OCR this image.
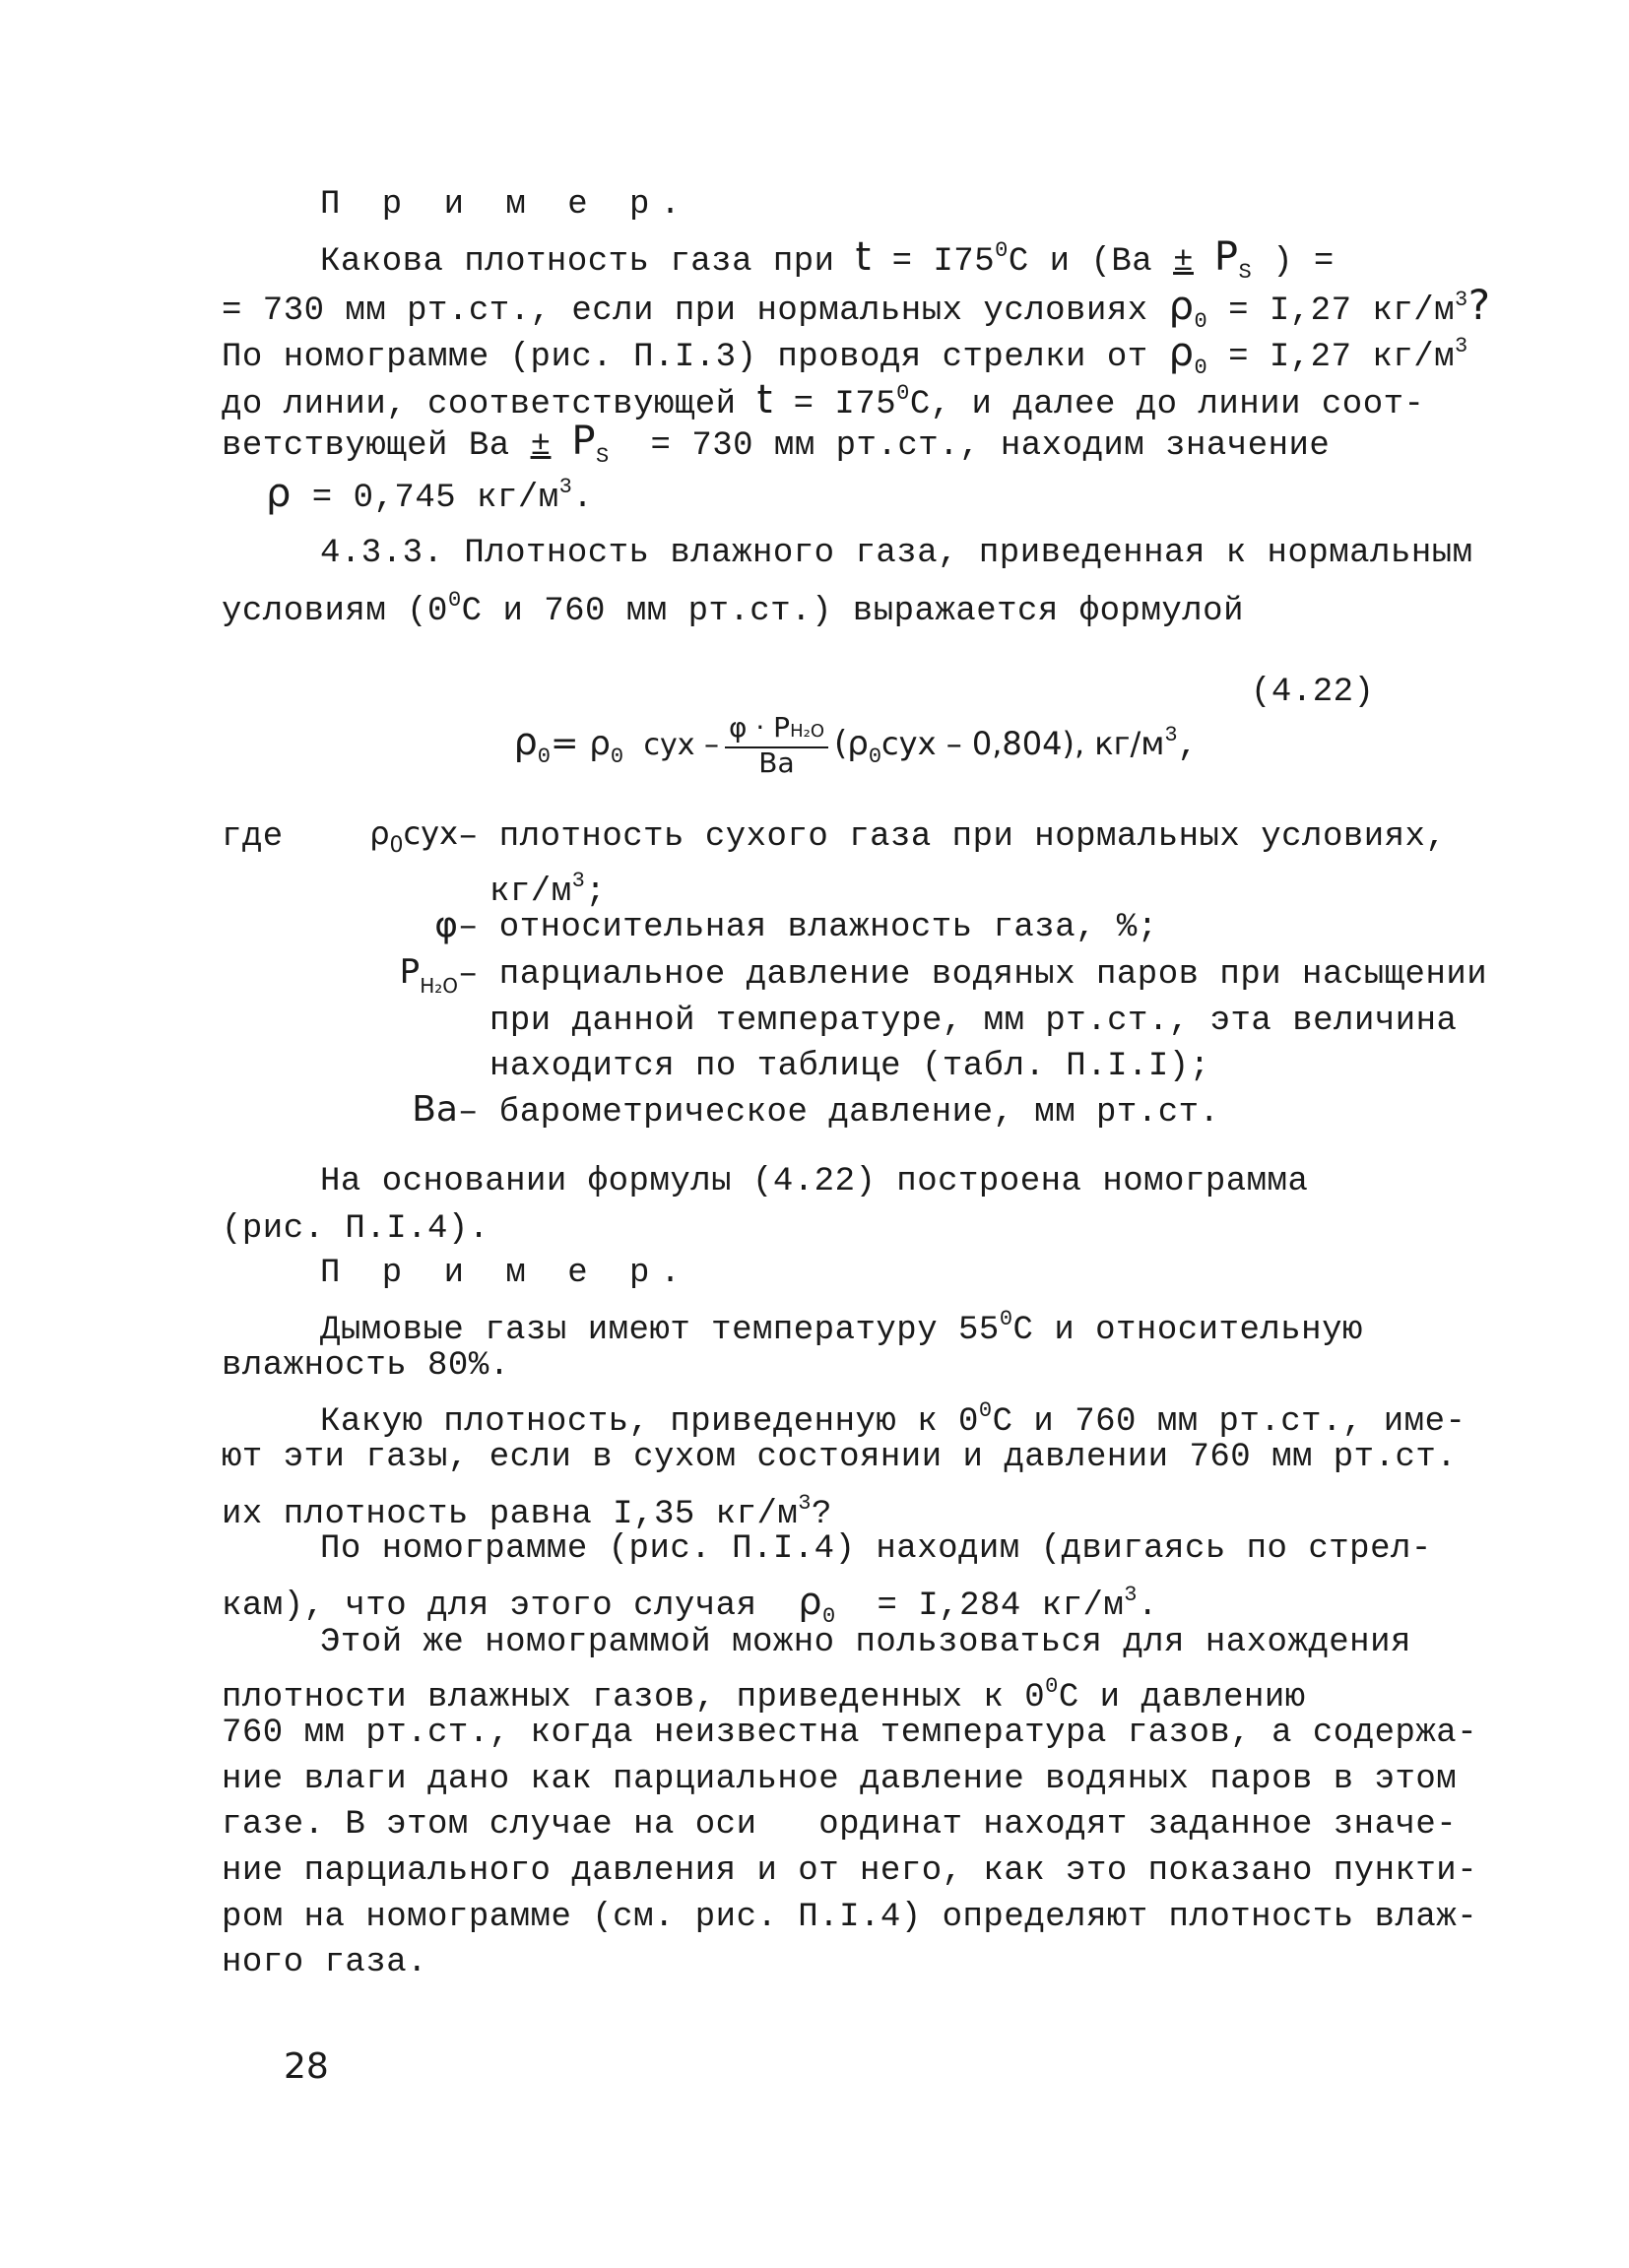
П р и м е р.
Какова плотность газа при $t = I75^0С$ и ($Ва \pm P_S$ ) =
= 730 мм рт.ст., если при нормальных условиях $\rho_0 = I,27$ $кг/м^3$?
По номограмме (рис. П.I.3) проводя стрелки от $\rho_0 = I,27$ $кг/м^3$
до линии, соответствующей $t = I75^0С$, и далее до линии соот-
ветствующей Ва ± $P_S = 730$ мм рт.ст., находим значение
ρ = 0,745 $кг/м^3$.
4.3.3. Плотность влажного газа, приведенная к нормальным
условиям ($0^0С$ и 760 мм рт.ст.) выражается формулой

$\rho_0= \rho_0$ сух – $\frac{\text{φ · PH₂O}}{Ba} (\rho_0сух - 0,804)$, $кг/м^3$,

(4.22)
где	$\rho_0сух$ – плотность сухого газа при нормальных условиях,
$кг/м^3$;
φ – относительная влажность газа, %;
$P_{H_2O}$ – парциальное давление водяных паров при насыщении
при данной температуре, мм рт.ст., эта величина
находится по таблице (табл. П.I.I);
Ba – барометрическое давление, мм рт.ст.
На основании формулы (4.22) построена номограмма
(рис. П.I.4).
П р и м е р.
Дымовые газы имеют температуру $55^0С$ и относительную
влажность 80%.
Какую плотность, приведенную к $0^0С$ и 760 мм рт.ст., име-
ют эти газы, если в сухом состоянии и давлении 760 мм рт.ст.
их плотность равна I,35 $кг/м^3$?
По номограмме (рис. П.I.4) находим (двигаясь по стрел-
кам), что для этого случая $\rho_0 = I,284$ $кг/м^3$.
Этой же номограммой можно пользоваться для нахождения
плотности влажных газов, приведенных к $0^0С$ и давлению
760 мм рт.ст., когда неизвестна температура газов, а содержа-
ние влаги дано как парциальное давление водяных паров в этом
газе. В этом случае на оси   ординат находят заданное значе-
ние парциального давления и от него, как это показано пункти-
ром на номограмме (см. рис. П.I.4) определяют плотность влаж-
ного газа.
28
